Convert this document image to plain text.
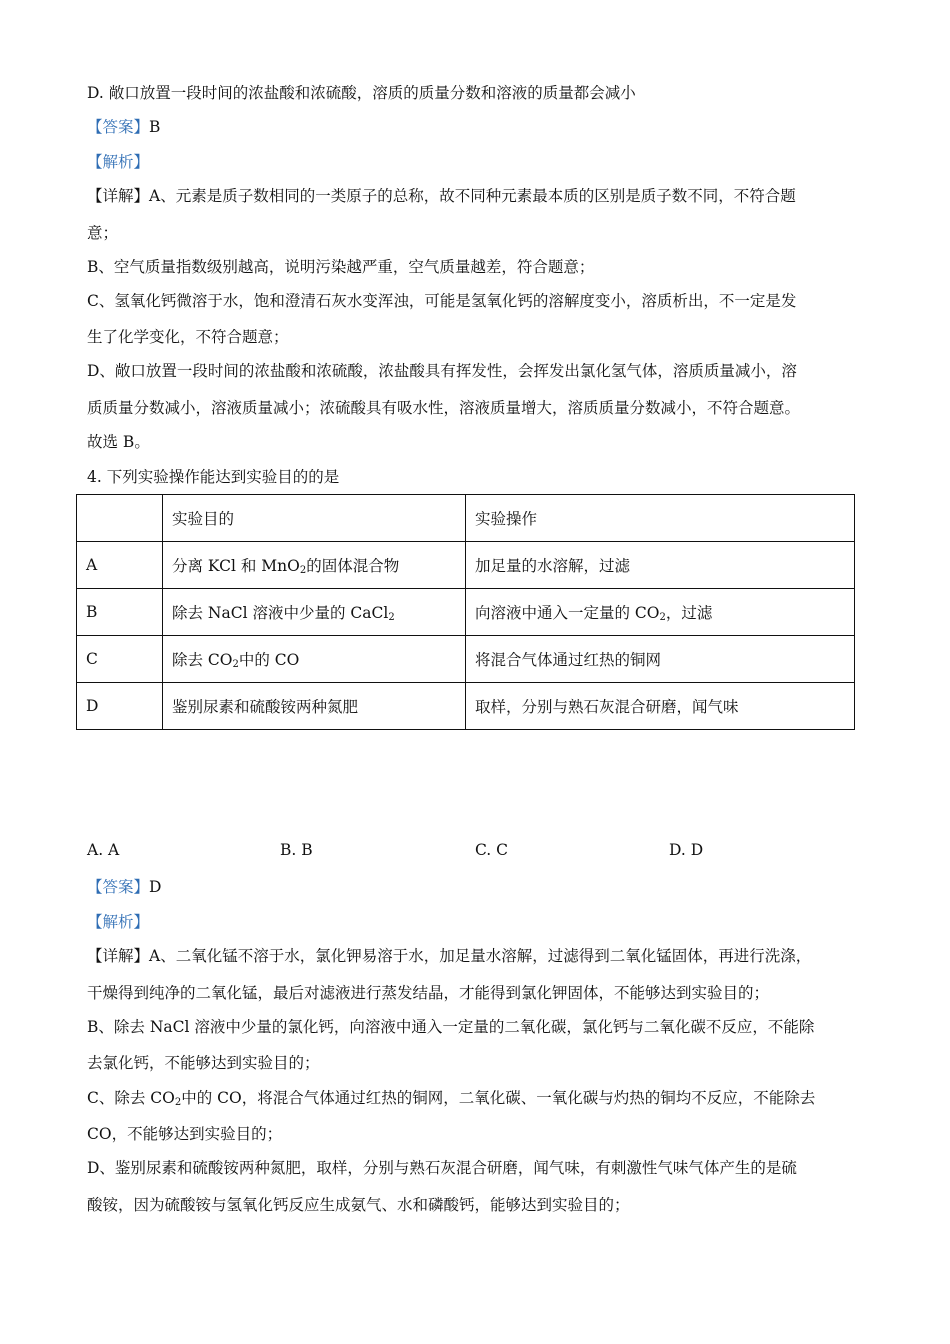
D. 敞口放置一段时间的浓盐酸和浓硫酸，溶质的质量分数和溶液的质量都会减小
【答案】B
【解析】
【详解】A、元素是质子数相同的一类原子的总称，故不同种元素最本质的区别是质子数不同，不符合题
意；
B、空气质量指数级别越高，说明污染越严重，空气质量越差，符合题意；
C、氢氧化钙微溶于水，饱和澄清石灰水变浑浊，可能是氢氧化钙的溶解度变小，溶质析出，不一定是发
生了化学变化，不符合题意；
D、敞口放置一段时间的浓盐酸和浓硫酸，浓盐酸具有挥发性，会挥发出氯化氢气体，溶质质量减小，溶
质质量分数减小，溶液质量减小；浓硫酸具有吸水性，溶液质量增大，溶质质量分数减小，不符合题意。
故选 B。
4. 下列实验操作能达到实验目的的是
	实验目的	实验操作
A	分离 KCl 和 MnO$_2$的固体混合物	加足量的水溶解，过滤
B	除去 NaCl 溶液中少量的 CaCl$_2$	向溶液中通入一定量的 $CO_2$，过滤
C	除去 $CO_2$中的 CO	将混合气体通过红热的铜网
D	鉴别尿素和硫酸铵两种氮肥	取样，分别与熟石灰混合研磨，闻气味
A. A	B. B	C. C	D. D
【答案】D
【解析】
【详解】A、二氧化锰不溶于水，氯化钾易溶于水，加足量水溶解，过滤得到二氧化锰固体，再进行洗涤，
干燥得到纯净的二氧化锰，最后对滤液进行蒸发结晶，才能得到氯化钾固体，不能够达到实验目的；
B、除去 NaCl 溶液中少量的氯化钙，向溶液中通入一定量的二氧化碳，氯化钙与二氧化碳不反应，不能除
去氯化钙，不能够达到实验目的；
C、除去 $CO_2$中的 CO，将混合气体通过红热的铜网，二氧化碳、一氧化碳与灼热的铜均不反应，不能除去
CO，不能够达到实验目的；
D、鉴别尿素和硫酸铵两种氮肥，取样，分别与熟石灰混合研磨，闻气味，有刺激性气味气体产生的是硫
酸铵，因为硫酸铵与氢氧化钙反应生成氨气、水和磷酸钙，能够达到实验目的；
